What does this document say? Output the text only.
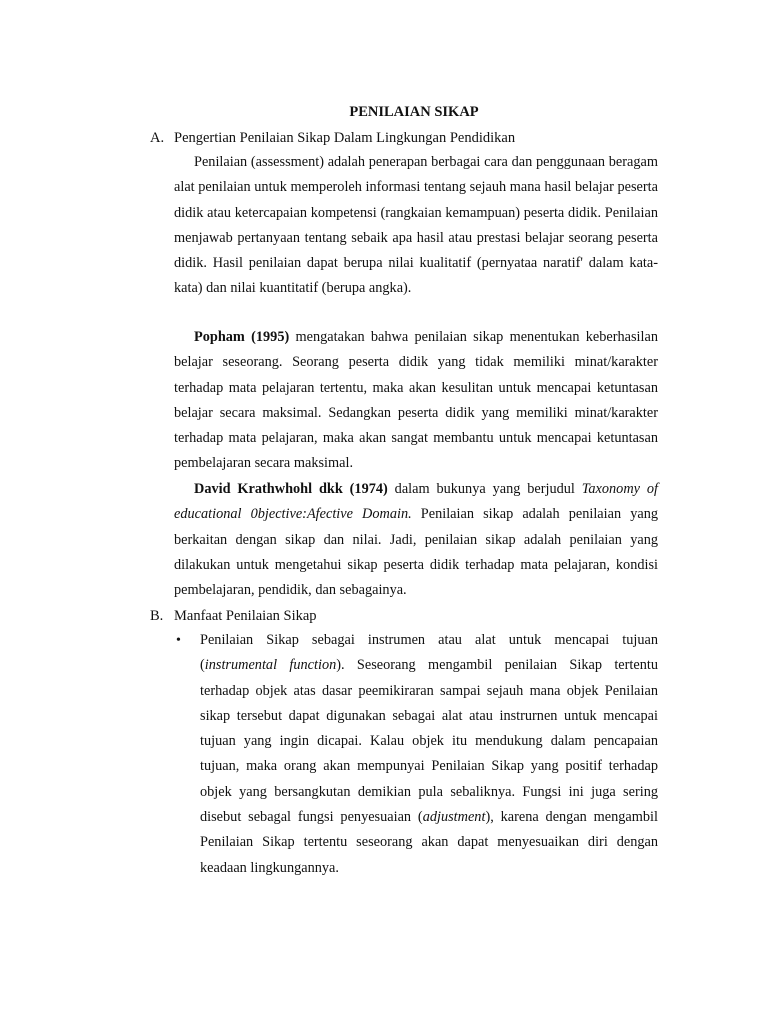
PENILAIAN SIKAP
A. Pengertian Penilaian Sikap Dalam Lingkungan Pendidikan

Penilaian (assessment) adalah penerapan berbagai cara dan penggunaan beragam alat penilaian untuk memperoleh informasi tentang sejauh mana hasil belajar peserta didik atau ketercapaian kompetensi (rangkaian kemampuan) peserta didik. Penilaian menjawab pertanyaan tentang sebaik apa hasil atau prestasi belajar seorang peserta didik. Hasil penilaian dapat berupa nilai kualitatif (pernyataa naratif' dalam kata-kata) dan nilai kuantitatif (berupa angka).

Popham (1995) mengatakan bahwa penilaian sikap menentukan keberhasilan belajar seseorang. Seorang peserta didik yang tidak memiliki minat/karakter terhadap mata pelajaran tertentu, maka akan kesulitan untuk mencapai ketuntasan belajar secara maksimal. Sedangkan peserta didik yang memiliki minat/karakter terhadap mata pelajaran, maka akan sangat membantu untuk mencapai ketuntasan pembelajaran secara maksimal.

David Krathwhohl dkk (1974) dalam bukunya yang berjudul Taxonomy of educational 0bjective:Afective Domain. Penilaian sikap adalah penilaian yang berkaitan dengan sikap dan nilai. Jadi, penilaian sikap adalah penilaian yang dilakukan untuk mengetahui sikap peserta didik terhadap mata pelajaran, kondisi pembelajaran, pendidik, dan sebagainya.

B. Manfaat Penilaian Sikap
• Penilaian Sikap sebagai instrumen atau alat untuk mencapai tujuan (instrumental function). Seseorang mengambil penilaian Sikap tertentu terhadap objek atas dasar peemikiraran sampai sejauh mana objek Penilaian sikap tersebut dapat digunakan sebagai alat atau instrurnen untuk mencapai tujuan yang ingin dicapai. Kalau objek itu mendukung dalam pencapaian tujuan, maka orang akan mempunyai Penilaian Sikap yang positif terhadap objek yang bersangkutan demikian pula sebaliknya. Fungsi ini juga sering disebut sebagal fungsi penyesuaian (adjustment), karena dengan mengambil Penilaian Sikap tertentu seseorang akan dapat menyesuaikan diri dengan keadaan lingkungannya.
